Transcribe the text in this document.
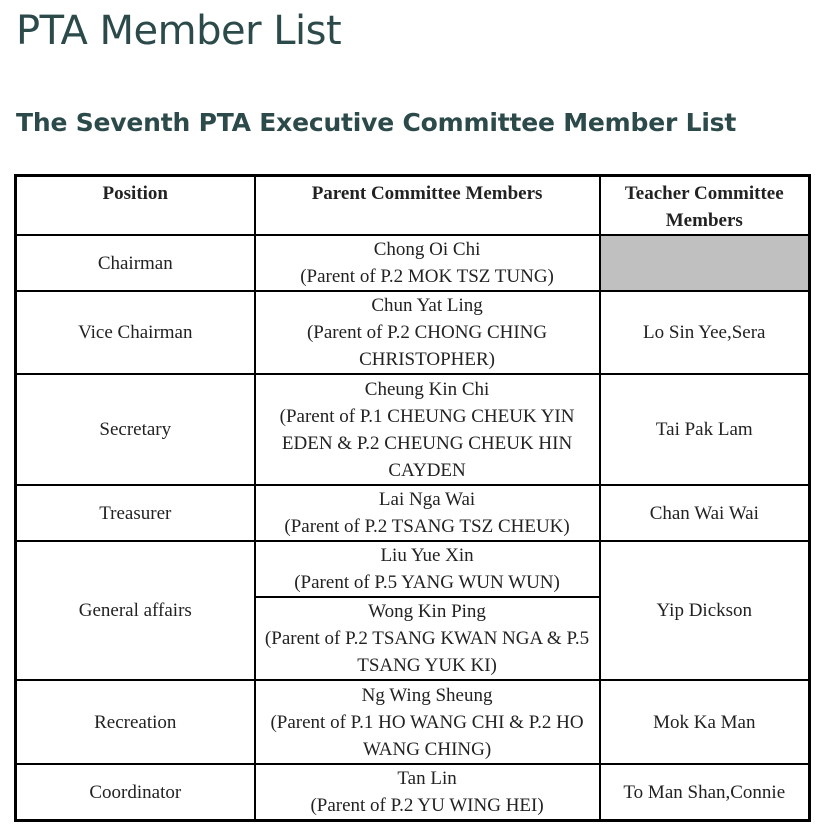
PTA Member List
The Seventh PTA Executive Committee Member List
Position	Parent Committee Members	Teacher Committee Members
Chairman	Chong Oi Chi
(Parent of P.2 MOK TSZ TUNG)	

Vice Chairman	Chun Yat Ling
(Parent of P.2 CHONG CHING CHRISTOPHER)	Lo Sin Yee,Sera
Secretary	Cheung Kin Chi
(Parent of P.1 CHEUNG CHEUK YIN EDEN & P.2 CHEUNG CHEUK HIN CAYDEN	Tai Pak Lam
Treasurer	Lai Nga Wai
(Parent of P.2 TSANG TSZ CHEUK)	Chan Wai Wai
General affairs	Liu Yue Xin
(Parent of P.5 YANG WUN WUN)
Wong Kin Ping
(Parent of P.2 TSANG KWAN NGA & P.5 TSANG YUK KI)	Yip Dickson
Recreation	Ng Wing Sheung
(Parent of P.1 HO WANG CHI & P.2 HO WANG CHING)	Mok Ka Man
Coordinator	Tan Lin
(Parent of P.2 YU WING HEI)	To Man Shan,Connie
